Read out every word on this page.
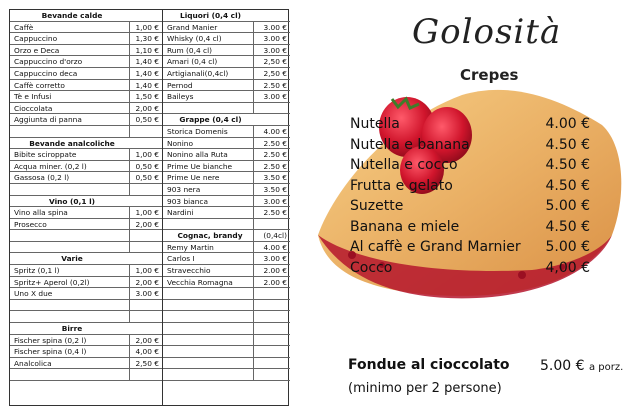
Bevande calde
Caffè	1,00 €
Cappuccino	1,30 €
Orzo e Deca	1,10 €
Cappuccino d'orzo	1,40 €
Cappuccino deca	1,40 €
Caffè corretto	1,40 €
Tè e Infusi	1,50 €
Cioccolata	2,00 €
Aggiunta di panna	0,50 €
Bevande analcoliche
Bibite sciroppate	1,00 €
Acqua miner. (0,2 l)	0,50 €
Gassosa (0,2 l)	0,50 €
Vino (0,1 l)
Vino alla spina	1,00 €
Prosecco	2,00 €
Varie
Spritz (0,1 l)	1,00 €
Spritz+ Aperol (0,2l)	2,00 €
Uno X due	3.00 €
Birre
Fischer spina (0,2 l)	2,00 €
Fischer spina (0,4 l)	4,00 €
Analcolica	2,50 €
Liquori (0,4 cl)
Grand Manier	3.00 €
Whisky (0,4 cl)	3.00 €
Rum (0,4 cl)	3.00 €
Amari (0,4 cl)	2,50 €
Artigianali(0,4cl)	2,50 €
Pernod	2.50 €
Baileys	3.00 €
Grappe (0,4 cl)
Storica Domenis	4.00 €
Nonino	2.50 €
Nonino alla Ruta	2.50 €
Prime Ue bianche	2.50 €
Prime Ue nere	3.50 €
903 nera	3.50 €
903 bianca	3.00 €
Nardini	2.50 €
Cognac, brandy	(0,4cl)
Remy Martin	4.00 €
Carlos I	3.00 €
Stravecchio	2.00 €
Vecchia Romagna	2.00 €
Golosità
Crepes
Nutella	4.00 €
Nutella e banana	4.50 €
Nutella e cocco	4.50 €
Frutta e gelato	4.50 €
Suzette	5.00 €
Banana e miele	4.50 €
Al caffè e Grand Marnier 5.00 €
Cocco	4,00 €
Fondue al cioccolato 5.00 € a porz.
(minimo per 2 persone)
